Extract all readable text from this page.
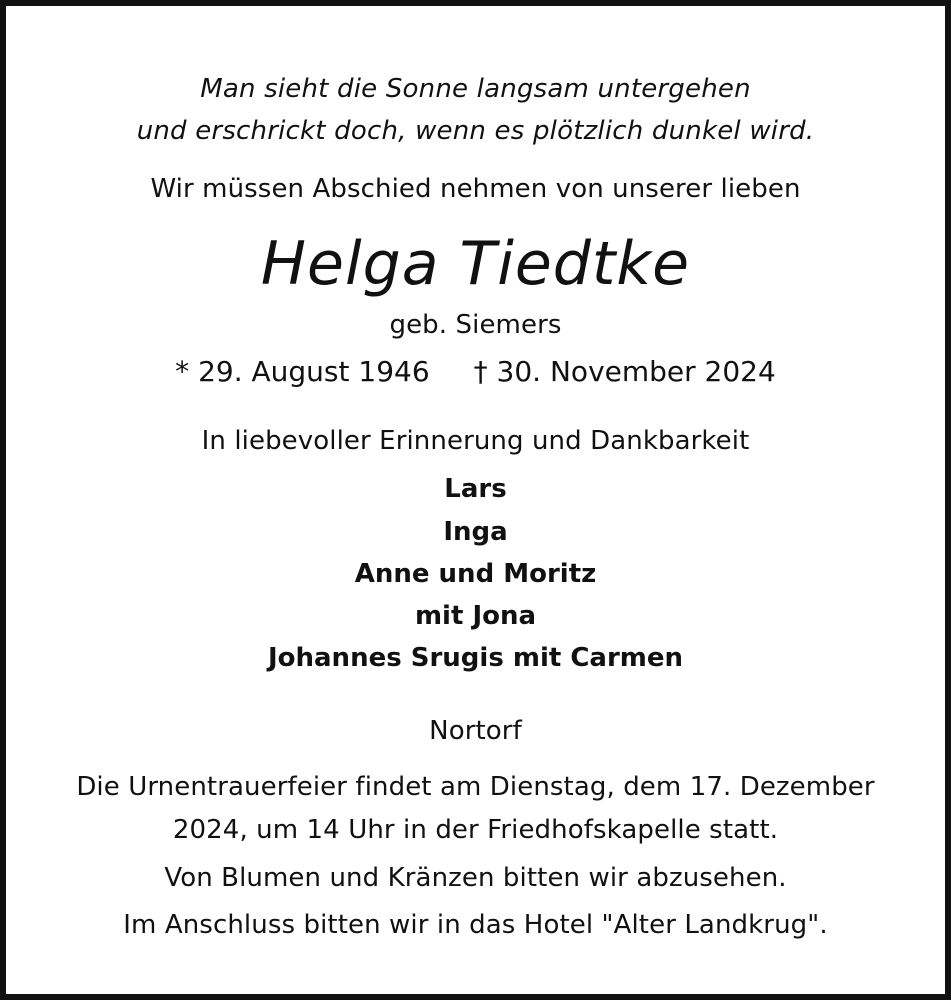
Man sieht die Sonne langsam untergehen
und erschrickt doch, wenn es plötzlich dunkel wird.
Wir müssen Abschied nehmen von unserer lieben
Helga Tiedtke
geb. Siemers
* 29. August 1946 † 30. November 2024
In liebevoller Erinnerung und Dankbarkeit
Lars
Inga
Anne und Moritz
mit Jona
Johannes Srugis mit Carmen
Nortorf
Die Urnentrauerfeier findet am Dienstag, dem 17. Dezember
2024, um 14 Uhr in der Friedhofskapelle statt.
Von Blumen und Kränzen bitten wir abzusehen.
Im Anschluss bitten wir in das Hotel "Alter Landkrug".
